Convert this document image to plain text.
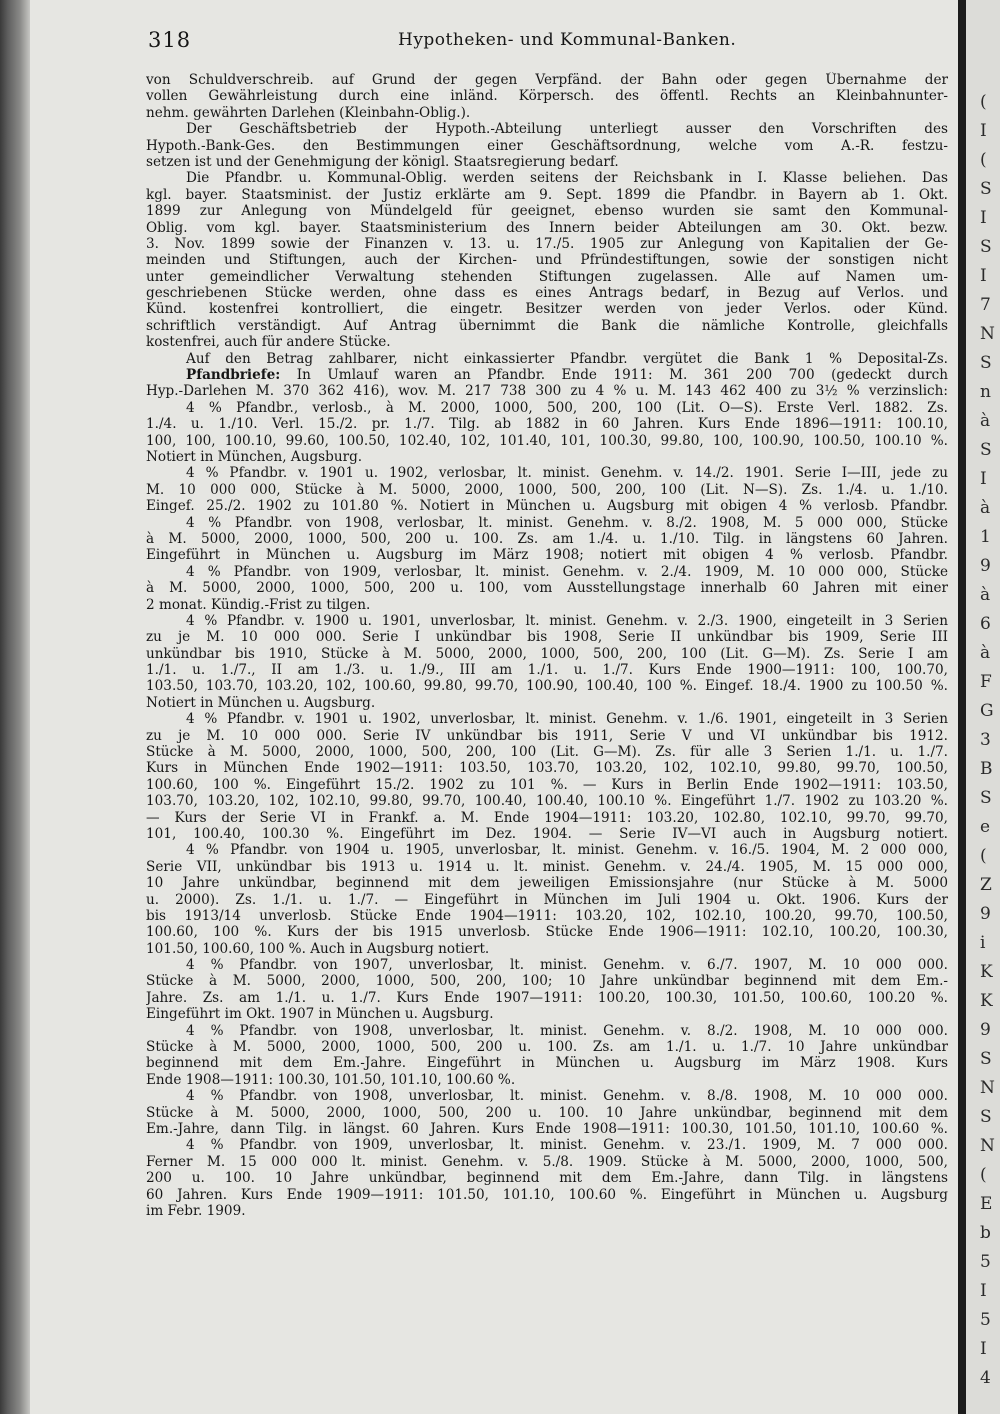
318	Hypotheken- und Kommunal-Banken.
von Schuldverschreib. auf Grund der gegen Verpfänd. der Bahn oder gegen Übernahme der
vollen Gewährleistung durch eine inländ. Körpersch. des öffentl. Rechts an Kleinbahnunter-
nehm. gewährten Darlehen (Kleinbahn-Oblig.).
Der Geschäftsbetrieb der Hypoth.-Abteilung unterliegt ausser den Vorschriften des
Hypoth.-Bank-Ges. den Bestimmungen einer Geschäftsordnung, welche vom A.-R. festzu-
setzen ist und der Genehmigung der königl. Staatsregierung bedarf.
Die Pfandbr. u. Kommunal-Oblig. werden seitens der Reichsbank in I. Klasse beliehen. Das
kgl. bayer. Staatsminist. der Justiz erklärte am 9. Sept. 1899 die Pfandbr. in Bayern ab 1. Okt.
1899 zur Anlegung von Mündelgeld für geeignet, ebenso wurden sie samt den Kommunal-
Oblig. vom kgl. bayer. Staatsministerium des Innern beider Abteilungen am 30. Okt. bezw.
3. Nov. 1899 sowie der Finanzen v. 13. u. 17./5. 1905 zur Anlegung von Kapitalien der Ge-
meinden und Stiftungen, auch der Kirchen- und Pfründestiftungen, sowie der sonstigen nicht
unter gemeindlicher Verwaltung stehenden Stiftungen zugelassen. Alle auf Namen um-
geschriebenen Stücke werden, ohne dass es eines Antrags bedarf, in Bezug auf Verlos. und
Künd. kostenfrei kontrolliert, die eingetr. Besitzer werden von jeder Verlos. oder Künd.
schriftlich verständigt. Auf Antrag übernimmt die Bank die nämliche Kontrolle, gleichfalls
kostenfrei, auch für andere Stücke.
Auf den Betrag zahlbarer, nicht einkassierter Pfandbr. vergütet die Bank 1 % Deposital-Zs.
Pfandbriefe: In Umlauf waren an Pfandbr. Ende 1911: M. 361 200 700 (gedeckt durch
Hyp.-Darlehen M. 370 362 416), wov. M. 217 738 300 zu 4 % u. M. 143 462 400 zu 3½ % verzinslich:
4 % Pfandbr., verlosb., à M. 2000, 1000, 500, 200, 100 (Lit. O—S). Erste Verl. 1882. Zs.
1./4. u. 1./10. Verl. 15./2. pr. 1./7. Tilg. ab 1882 in 60 Jahren. Kurs Ende 1896—1911: 100.10,
100, 100, 100.10, 99.60, 100.50, 102.40, 102, 101.40, 101, 100.30, 99.80, 100, 100.90, 100.50, 100.10 %.
Notiert in München, Augsburg.
4 % Pfandbr. v. 1901 u. 1902, verlosbar, lt. minist. Genehm. v. 14./2. 1901. Serie I—III, jede zu
M. 10 000 000, Stücke à M. 5000, 2000, 1000, 500, 200, 100 (Lit. N—S). Zs. 1./4. u. 1./10.
Eingef. 25./2. 1902 zu 101.80 %. Notiert in München u. Augsburg mit obigen 4 % verlosb. Pfandbr.
4 % Pfandbr. von 1908, verlosbar, lt. minist. Genehm. v. 8./2. 1908, M. 5 000 000, Stücke
à M. 5000, 2000, 1000, 500, 200 u. 100. Zs. am 1./4. u. 1./10. Tilg. in längstens 60 Jahren.
Eingeführt in München u. Augsburg im März 1908; notiert mit obigen 4 % verlosb. Pfandbr.
4 % Pfandbr. von 1909, verlosbar, lt. minist. Genehm. v. 2./4. 1909, M. 10 000 000, Stücke
à M. 5000, 2000, 1000, 500, 200 u. 100, vom Ausstellungstage innerhalb 60 Jahren mit einer
2 monat. Kündig.-Frist zu tilgen.
4 % Pfandbr. v. 1900 u. 1901, unverlosbar, lt. minist. Genehm. v. 2./3. 1900, eingeteilt in 3 Serien
zu je M. 10 000 000. Serie I unkündbar bis 1908, Serie II unkündbar bis 1909, Serie III
unkündbar bis 1910, Stücke à M. 5000, 2000, 1000, 500, 200, 100 (Lit. G—M). Zs. Serie I am
1./1. u. 1./7., II am 1./3. u. 1./9., III am 1./1. u. 1./7. Kurs Ende 1900—1911: 100, 100.70,
103.50, 103.70, 103.20, 102, 100.60, 99.80, 99.70, 100.90, 100.40, 100 %. Eingef. 18./4. 1900 zu 100.50 %.
Notiert in München u. Augsburg.
4 % Pfandbr. v. 1901 u. 1902, unverlosbar, lt. minist. Genehm. v. 1./6. 1901, eingeteilt in 3 Serien
zu je M. 10 000 000. Serie IV unkündbar bis 1911, Serie V und VI unkündbar bis 1912.
Stücke à M. 5000, 2000, 1000, 500, 200, 100 (Lit. G—M). Zs. für alle 3 Serien 1./1. u. 1./7.
Kurs in München Ende 1902—1911: 103.50, 103.70, 103.20, 102, 102.10, 99.80, 99.70, 100.50,
100.60, 100 %. Eingeführt 15./2. 1902 zu 101 %. — Kurs in Berlin Ende 1902—1911: 103.50,
103.70, 103.20, 102, 102.10, 99.80, 99.70, 100.40, 100.40, 100.10 %. Eingeführt 1./7. 1902 zu 103.20 %.
— Kurs der Serie VI in Frankf. a. M. Ende 1904—1911: 103.20, 102.80, 102.10, 99.70, 99.70,
101, 100.40, 100.30 %. Eingeführt im Dez. 1904. — Serie IV—VI auch in Augsburg notiert.
4 % Pfandbr. von 1904 u. 1905, unverlosbar, lt. minist. Genehm. v. 16./5. 1904, M. 2 000 000,
Serie VII, unkündbar bis 1913 u. 1914 u. lt. minist. Genehm. v. 24./4. 1905, M. 15 000 000,
10 Jahre unkündbar, beginnend mit dem jeweiligen Emissionsjahre (nur Stücke à M. 5000
u. 2000). Zs. 1./1. u. 1./7. — Eingeführt in München im Juli 1904 u. Okt. 1906. Kurs der
bis 1913/14 unverlosb. Stücke Ende 1904—1911: 103.20, 102, 102.10, 100.20, 99.70, 100.50,
100.60, 100 %. Kurs der bis 1915 unverlosb. Stücke Ende 1906—1911: 102.10, 100.20, 100.30,
101.50, 100.60, 100 %. Auch in Augsburg notiert.
4 % Pfandbr. von 1907, unverlosbar, lt. minist. Genehm. v. 6./7. 1907, M. 10 000 000.
Stücke à M. 5000, 2000, 1000, 500, 200, 100; 10 Jahre unkündbar beginnend mit dem Em.-
Jahre. Zs. am 1./1. u. 1./7. Kurs Ende 1907—1911: 100.20, 100.30, 101.50, 100.60, 100.20 %.
Eingeführt im Okt. 1907 in München u. Augsburg.
4 % Pfandbr. von 1908, unverlosbar, lt. minist. Genehm. v. 8./2. 1908, M. 10 000 000.
Stücke à M. 5000, 2000, 1000, 500, 200 u. 100. Zs. am 1./1. u. 1./7. 10 Jahre unkündbar
beginnend mit dem Em.-Jahre. Eingeführt in München u. Augsburg im März 1908. Kurs
Ende 1908—1911: 100.30, 101.50, 101.10, 100.60 %.
4 % Pfandbr. von 1908, unverlosbar, lt. minist. Genehm. v. 8./8. 1908, M. 10 000 000.
Stücke à M. 5000, 2000, 1000, 500, 200 u. 100. 10 Jahre unkündbar, beginnend mit dem
Em.-Jahre, dann Tilg. in längst. 60 Jahren. Kurs Ende 1908—1911: 100.30, 101.50, 101.10, 100.60 %.
4 % Pfandbr. von 1909, unverlosbar, lt. minist. Genehm. v. 23./1. 1909, M. 7 000 000.
Ferner M. 15 000 000 lt. minist. Genehm. v. 5./8. 1909. Stücke à M. 5000, 2000, 1000, 500,
200 u. 100. 10 Jahre unkündbar, beginnend mit dem Em.-Jahre, dann Tilg. in längstens
60 Jahren. Kurs Ende 1909—1911: 101.50, 101.10, 100.60 %. Eingeführt in München u. Augsburg
im Febr. 1909.
(
I
(
S
I
S
I
7
N
S
n
à
S
I
à
1
9
à
6
à
F
G
3
B
S
e
(
Z
9
i
K
K
9
S
N
S
N
(
E
b
5
I
5
I
4
